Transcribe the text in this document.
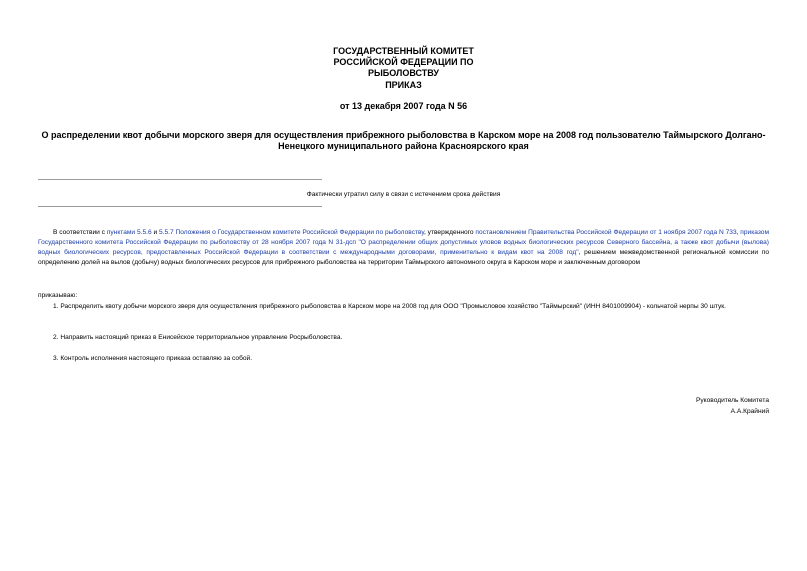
ГОСУДАРСТВЕННЫЙ КОМИТЕТ РОССИЙСКОЙ ФЕДЕРАЦИИ ПО РЫБОЛОВСТВУ
ПРИКАЗ
от 13 декабря 2007 года N 56
О распределении квот добычи морского зверя для осуществления прибрежного рыболовства в Карском море на 2008 год пользователю Таймырского Долгано-Ненецкого муниципального района Красноярского края
Фактически утратил силу в связи с истечением срока действия
В соответствии с пунктами 5.5.6 и 5.5.7 Положения о Государственном комитете Российской Федерации по рыболовству, утвержденного постановлением Правительства Российской Федерации от 1 ноября 2007 года N 733, приказом Государственного комитета Российской Федерации по рыболовству от 28 ноября 2007 года N 31-дсп "О распределении общих допустимых уловов водных биологических ресурсов Северного бассейна, а также квот добычи (вылова) водных биологических ресурсов, предоставленных Российской Федерации в соответствии с международными договорами, применительно к видам квот на 2008 год", решением межведомственной региональной комиссии по определению долей на вылов (добычу) водных биологических ресурсов для прибрежного рыболовства на территории Таймырского автономного округа в Карском море и заключенным договором
приказываю:
1. Распределить квоту добычи морского зверя для осуществления прибрежного рыболовства в Карском море на 2008 год для ООО "Промысловое хозяйство "Таймырский" (ИНН 8401009904) - кольчатой нерпы 30 штук.
2. Направить настоящий приказ в Енисейское территориальное управление Росрыболовства.
3. Контроль исполнения настоящего приказа оставляю за собой.
Руководитель Комитета
А.А.Крайний
